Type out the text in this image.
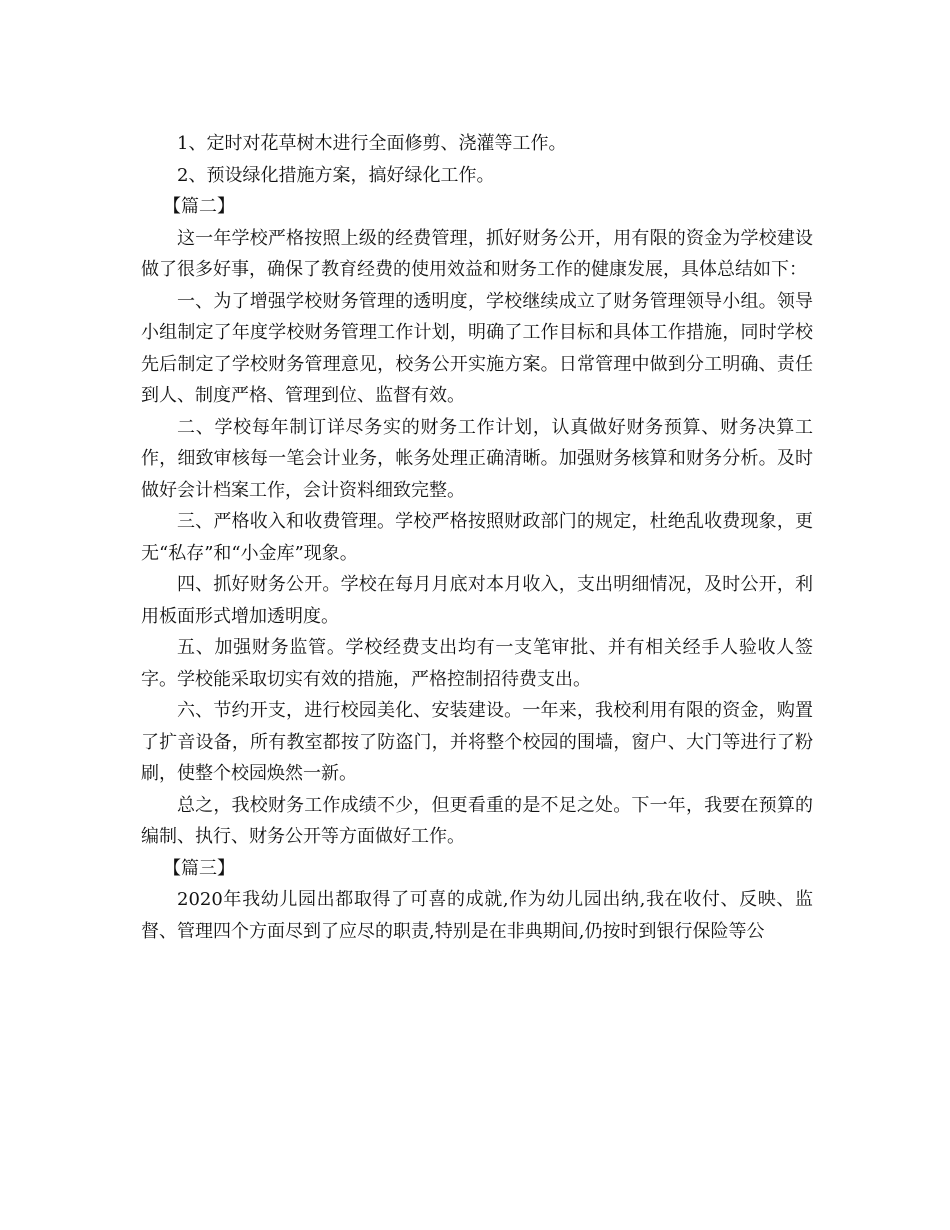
1、定时对花草树木进行全面修剪、浇灌等工作。

2、预设绿化措施方案，搞好绿化工作。

【篇二】

这一年学校严格按照上级的经费管理，抓好财务公开，用有限的资金为学校建设做了很多好事，确保了教育经费的使用效益和财务工作的健康发展，具体总结如下：

一、为了增强学校财务管理的透明度，学校继续成立了财务管理领导小组。领导小组制定了年度学校财务管理工作计划，明确了工作目标和具体工作措施，同时学校先后制定了学校财务管理意见，校务公开实施方案。日常管理中做到分工明确、责任到人、制度严格、管理到位、监督有效。

二、学校每年制订详尽务实的财务工作计划，认真做好财务预算、财务决算工作，细致审核每一笔会计业务，帐务处理正确清晰。加强财务核算和财务分析。及时做好会计档案工作，会计资料细致完整。

三、严格收入和收费管理。学校严格按照财政部门的规定，杜绝乱收费现象，更无“私存”和“小金库”现象。

四、抓好财务公开。学校在每月月底对本月收入，支出明细情况，及时公开，利用板面形式增加透明度。

五、加强财务监管。学校经费支出均有一支笔审批、并有相关经手人验收人签字。学校能采取切实有效的措施，严格控制招待费支出。

六、节约开支，进行校园美化、安装建设。一年来，我校利用有限的资金，购置了扩音设备，所有教室都按了防盗门，并将整个校园的围墙，窗户、大门等进行了粉刷，使整个校园焕然一新。

总之，我校财务工作成绩不少，但更看重的是不足之处。下一年，我要在预算的编制、执行、财务公开等方面做好工作。

【篇三】

2020年我幼儿园出都取得了可喜的成就,作为幼儿园出纳,我在收付、反映、监督、管理四个方面尽到了应尽的职责,特别是在非典期间,仍按时到银行保险等公
